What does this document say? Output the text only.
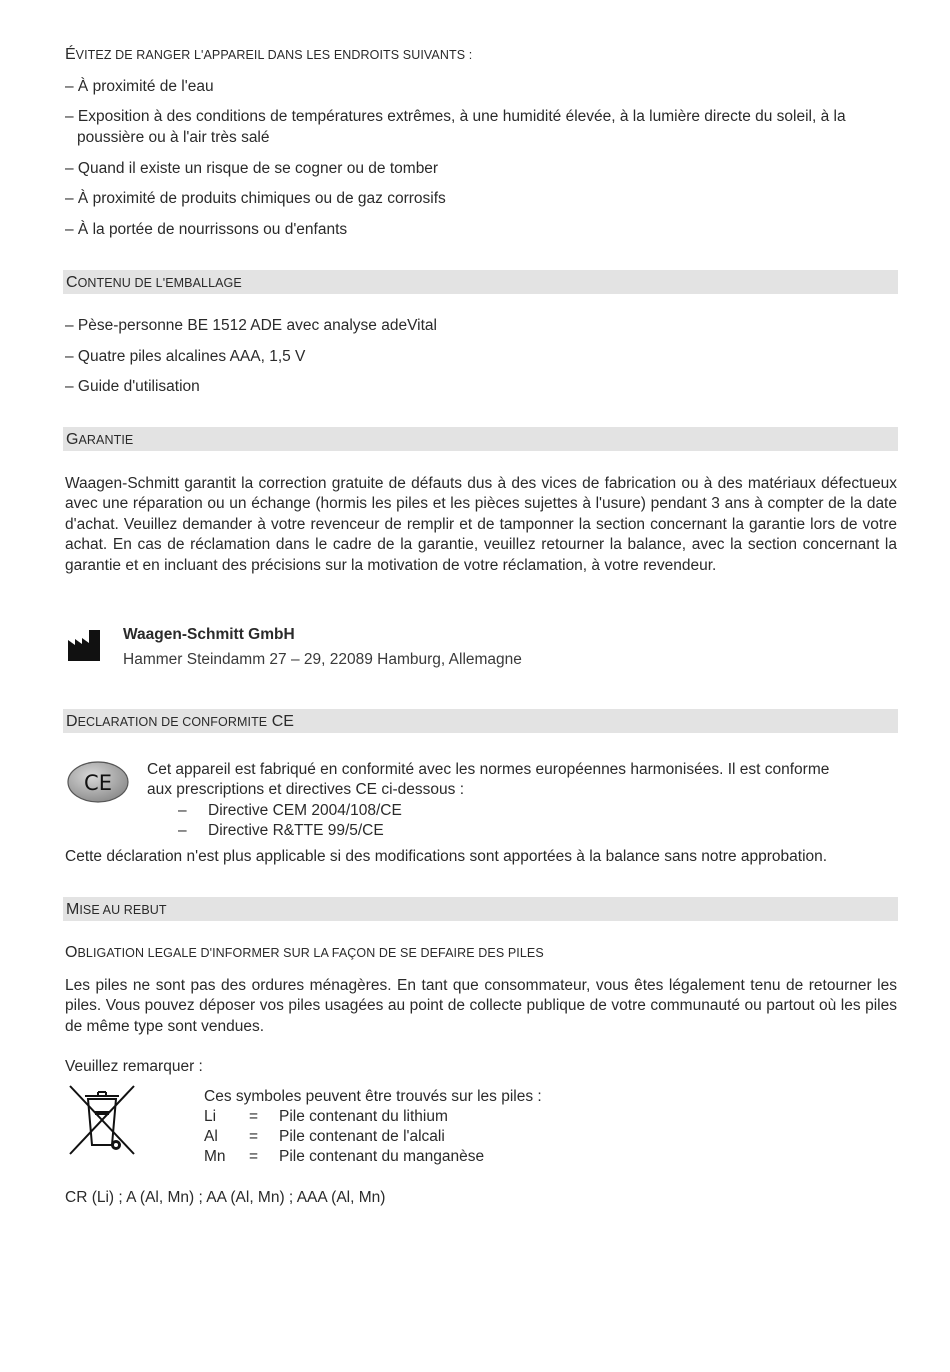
ÉVITEZ DE RANGER L'APPAREIL DANS LES ENDROITS SUIVANTS :
– À proximité de l'eau
– Exposition à des conditions de températures extrêmes, à une humidité élevée, à la lumière directe du soleil, à la
poussière ou à l'air très salé
– Quand il existe un risque de se cogner ou de tomber
– À proximité de produits chimiques ou de gaz corrosifs
– À la portée de nourrissons ou d'enfants
CONTENU DE L'EMBALLAGE
– Pèse-personne BE 1512 ADE avec analyse adeVital
– Quatre piles alcalines AAA, 1,5 V
– Guide d'utilisation
GARANTIE
Waagen-Schmitt garantit la correction gratuite de défauts dus à des vices de fabrication ou à des matériaux défectueux avec une réparation ou un échange (hormis les piles et les pièces sujettes à l'usure) pendant 3 ans à compter de la date d'achat. Veuillez demander à votre revenceur de remplir et de tamponner la section concernant la garantie lors de votre achat. En cas de réclamation dans le cadre de la garantie, veuillez retourner la balance, avec la section concernant la garantie et en incluant des précisions sur la motivation de votre réclamation, à votre revendeur.
Waagen-Schmitt GmbH
Hammer Steindamm 27 – 29, 22089 Hamburg, Allemagne
DECLARATION DE CONFORMITE CE
CE
Cet appareil est fabriqué en conformité avec les normes européennes harmonisées. Il est conforme
aux prescriptions et directives CE ci-dessous :
– Directive CEM 2004/108/CE
– Directive R&TTE 99/5/CE
Cette déclaration n'est plus applicable si des modifications sont apportées à la balance sans notre approbation.
MISE AU REBUT
OBLIGATION LEGALE D'INFORMER SUR LA FAÇON DE SE DEFAIRE DES PILES
Les piles ne sont pas des ordures ménagères. En tant que consommateur, vous êtes légalement tenu de retourner les piles. Vous pouvez déposer vos piles usagées au point de collecte publique de votre communauté ou partout où les piles de même type sont vendues.
Veuillez remarquer :
Ces symboles peuvent être trouvés sur les piles :
Li = Pile contenant du lithium
Al = Pile contenant de l'alcali
Mn = Pile contenant du manganèse
CR (Li) ; A (Al, Mn) ; AA (Al, Mn) ; AAA (Al, Mn)
